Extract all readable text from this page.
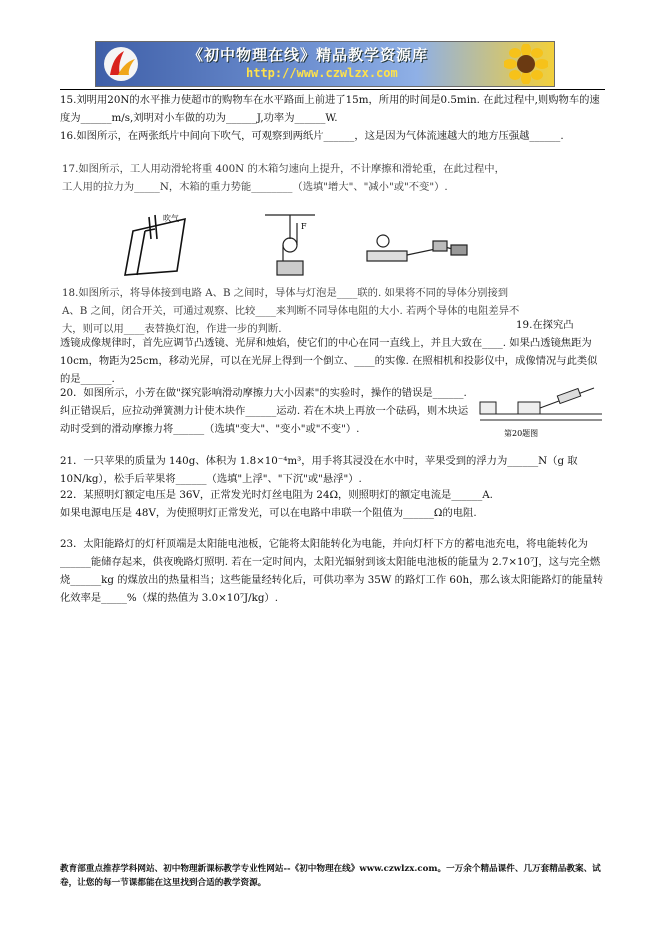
《初中物理在线》精品教学资源库
http://www.czwlzx.com

15.刘明用20N的水平推力使超市的购物车在水平路面上前进了15m，所用的时间是0.5min. 在此过程中,则购物车的速度为______m/s,刘明对小车做的功为______J,功率为______W.

16.如图所示，在两张纸片中间向下吹气，可观察到两纸片______，这是因为气体流速越大的地方压强越______.

17.如图所示，工人用动滑轮将重 400N 的木箱匀速向上提升，不计摩擦和滑轮重，在此过程中，工人用的拉力为_____N，木箱的重力势能________（选填"增大"、"减小"或"不变"）.

吹气
F

18.如图所示，将导体接到电路 A、B 之间时，导体与灯泡是____联的. 如果将不同的导体分别接到 A、B 之间，闭合开关，可通过观察、比较____来判断不同导体电阻的大小. 若两个导体的电阻差异不大，则可以用____表替换灯泡，作进一步的判断.	19.在探究凸

透镜成像规律时，首先应调节凸透镜、光屏和烛焰，使它们的中心在同一直线上，并且大致在____. 如果凸透镜焦距为10cm，物距为25cm，移动光屏，可以在光屏上得到一个倒立、____的实像. 在照相机和投影仪中，成像情况与此类似的是______.

20．如图所示，小芳在做"探究影响滑动摩擦力大小因素"的实验时，操作的错误是______. 纠正错误后，应拉动弹簧测力计使木块作______运动. 若在木块上再放一个砝码，则木块运动时受到的滑动摩擦力将______（选填"变大"、"变小"或"不变"）.	第20题图

21．一只苹果的质量为 140g、体积为 1.8×10⁻⁴m³，用手将其浸没在水中时，苹果受到的浮力为______N（g 取10N/kg），松手后苹果将______（选填"上浮"、"下沉"或"悬浮"）.

22．某照明灯额定电压是 36V，正常发光时灯丝电阻为 24Ω，则照明灯的额定电流是______A. 如果电源电压是 48V，为使照明灯正常发光，可以在电路中串联一个阻值为______Ω的电阻.

23．太阳能路灯的灯杆顶端是太阳能电池板，它能将太阳能转化为电能，并向灯杆下方的蓄电池充电，将电能转化为______能储存起来，供夜晚路灯照明. 若在一定时间内，太阳光辐射到该太阳能电池板的能量为 2.7×10⁷J，这与完全燃烧______kg 的煤放出的热量相当；这些能量经转化后，可供功率为 35W 的路灯工作 60h，那么该太阳能路灯的能量转化效率是_____%（煤的热值为 3.0×10⁷J/kg）.

教育部重点推荐学科网站、初中物理新课标教学专业性网站--《初中物理在线》www.czwlzx.com。一万余个精品课件、几万套精品教案、试卷，让您的每一节课都能在这里找到合适的教学资源。
